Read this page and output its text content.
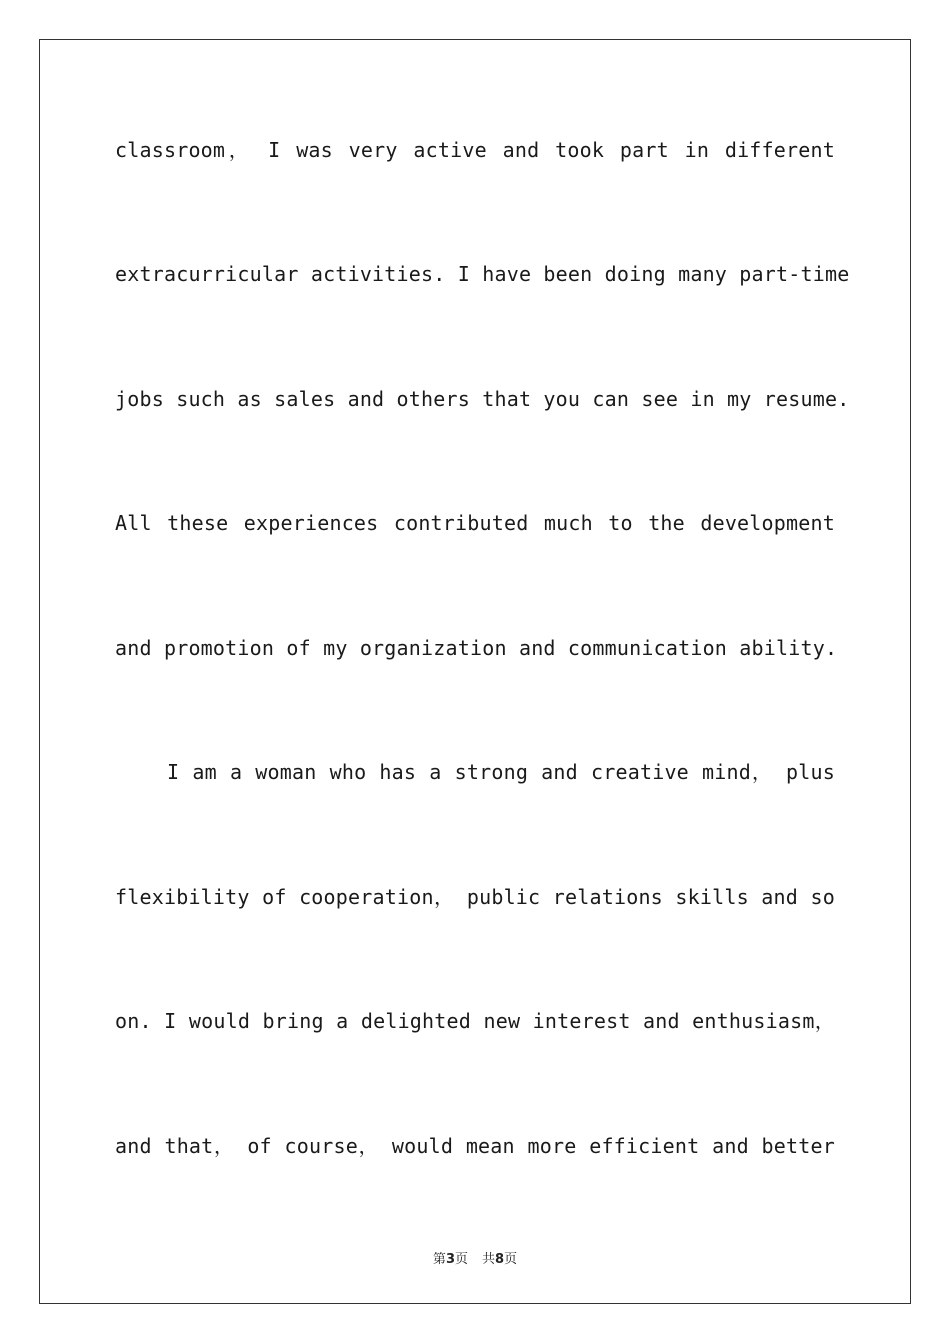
classroom， I was very active and took part in different
extracurricular activities. I have been doing many part-time
jobs such as sales and others that you can see in my resume.
All these experiences contributed much to the development
and promotion of my organization and communication ability.
I am a woman who has a strong and creative mind， plus
flexibility of cooperation， public relations skills and so
on. I would bring a delighted new interest and enthusiasm，
and that， of course， would mean more efficient and better
第3页 共8页
